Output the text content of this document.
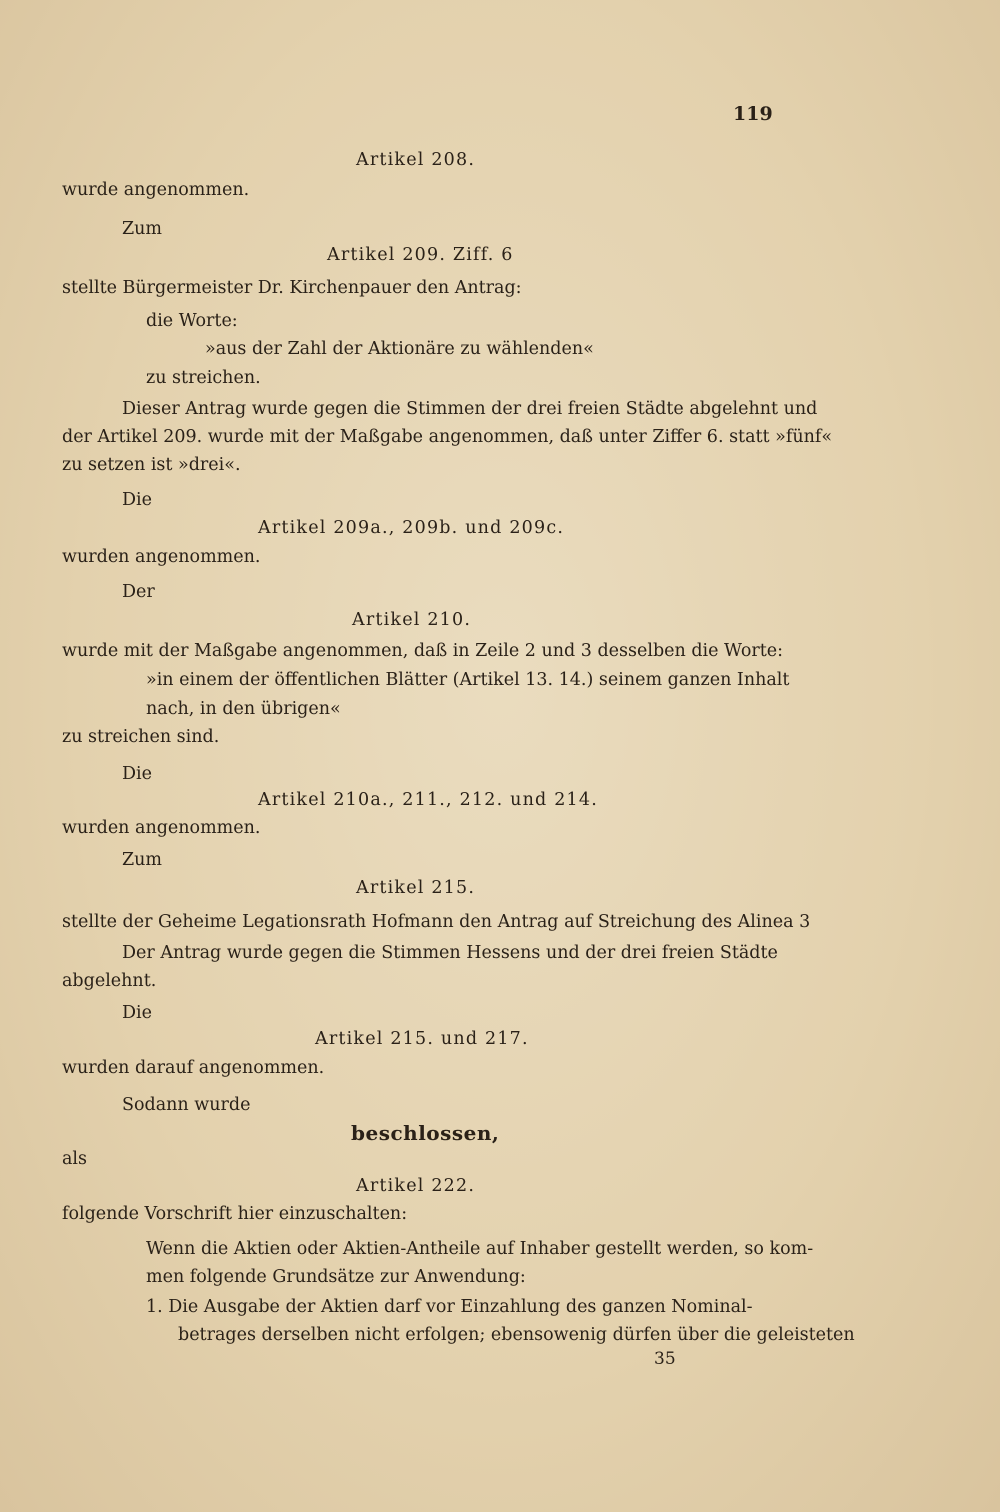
119
Artikel 208.
wurde angenommen.
Zum
Artikel 209. Ziff. 6
stellte Bürgermeister Dr. Kirchenpauer den Antrag:
die Worte:
»aus der Zahl der Aktionäre zu wählenden«
zu streichen.
Dieser Antrag wurde gegen die Stimmen der drei freien Städte abgelehnt und
der Artikel 209. wurde mit der Maßgabe angenommen, daß unter Ziffer 6. statt »fünf«
zu setzen ist »drei«.
Die
Artikel 209a., 209b. und 209c.
wurden angenommen.
Der
Artikel 210.
wurde mit der Maßgabe angenommen, daß in Zeile 2 und 3 desselben die Worte:
»in einem der öffentlichen Blätter (Artikel 13. 14.) seinem ganzen Inhalt
nach, in den übrigen«
zu streichen sind.
Die
Artikel 210a., 211., 212. und 214.
wurden angenommen.
Zum
Artikel 215.
stellte der Geheime Legationsrath Hofmann den Antrag auf Streichung des Alinea 3
Der Antrag wurde gegen die Stimmen Hessens und der drei freien Städte
abgelehnt.
Die
Artikel 215. und 217.
wurden darauf angenommen.
Sodann wurde
beschlossen,
als
Artikel 222.
folgende Vorschrift hier einzuschalten:
Wenn die Aktien oder Aktien-Antheile auf Inhaber gestellt werden, so kom-
men folgende Grundsätze zur Anwendung:
1. Die Ausgabe der Aktien darf vor Einzahlung des ganzen Nominal-
betrages derselben nicht erfolgen; ebensowenig dürfen über die geleisteten
35
